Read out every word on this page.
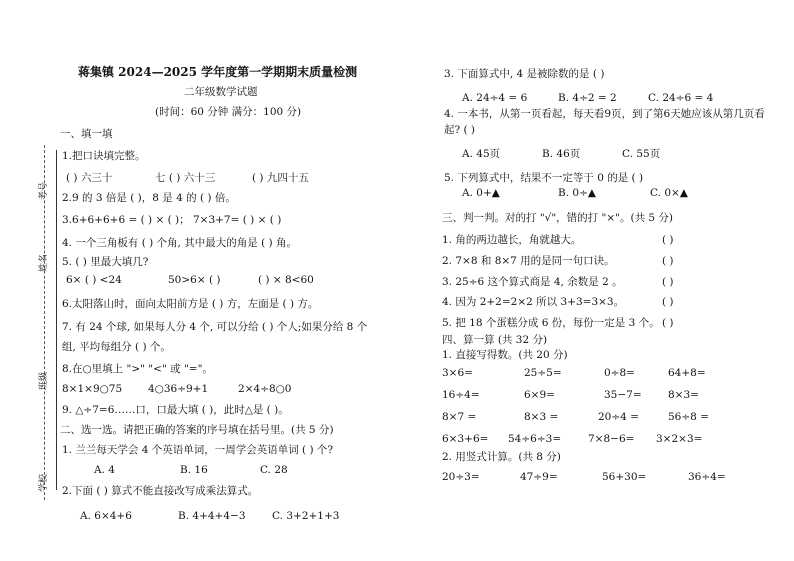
考号
姓名
班级
学校
蒋集镇 2024—2025 学年度第一学期期末质量检测
二年级数学试题
(时间：60 分钟 满分：100 分)
一、填一填
1.把口诀填完整。
( ) 六三十	七 ( ) 六十三	( ) 九四十五
2.9 的 3 倍是 ( )，8 是 4 的 ( ) 倍。
3.6+6+6+6 = ( ) × ( )； 7×3+7= ( ) × ( )
4. 一个三角板有 ( ) 个角, 其中最大的角是 ( ) 角。
5. ( ) 里最大填几?
6× ( ) <24	50>6× ( )	( ) × 8<60
6.太阳落山时，面向太阳前方是 ( ) 方，左面是 ( ) 方。
7. 有 24 个球, 如果每人分 4 个, 可以分给 ( ) 个人;如果分给 8 个
组, 平均每组分 ( ) 个。
8.在○里填上 ">" "<" 或 "="。
8×1×9○75 4○36÷9+1	2×4÷8○0
9. △÷7=6……口，口最大填 ( )，此时△是 ( )。
二、选一选。请把正确的答案的序号填在括号里。(共 5 分)
1. 兰兰每天学会 4 个英语单词，一周学会英语单词 ( ) 个?
A. 4	B. 16	C. 28
2.下面 ( ) 算式不能直接改写成乘法算式。
A. 6×4+6	B. 4+4+4−3	C. 3+2+1+3
3. 下面算式中, 4 是被除数的是 ( )
A. 24÷4 = 6	B. 4÷2 = 2	C. 24÷6 = 4
4. 一本书，从第一页看起，每天看9页，到了第6天她应该从第几页看
起? ( )
A. 45页	B. 46页	C. 55页
5. 下列算式中，结果不一定等于 0 的是 ( )
A. 0+▲	B. 0÷▲	C. 0×▲
三、判一判。对的打 "√"，错的打 "×"。(共 5 分)
1. 角的两边越长，角就越大。	( )
2. 7×8 和 8×7 用的是同一句口诀。	( )
3. 25÷6 这个算式商是 4, 余数是 2 。	( )
4. 因为 2+2=2×2 所以 3+3=3×3。	( )
5. 把 18 个蛋糕分成 6 份，每份一定是 3 个。 ( )
四、算一算 (共 32 分)
1. 直接写得数。(共 20 分)
3×6=	25÷5=	0÷8=	64+8=
16÷4=	6×9=	35−7=	8×3=
8×7 =	8×3 =	20÷4 =	56÷8 =
6×3+6= 54÷6÷3=	7×8−6= 3×2×3=
2. 用竖式计算。(共 8 分)
20÷3=	47÷9=	56+30=	36÷4=
